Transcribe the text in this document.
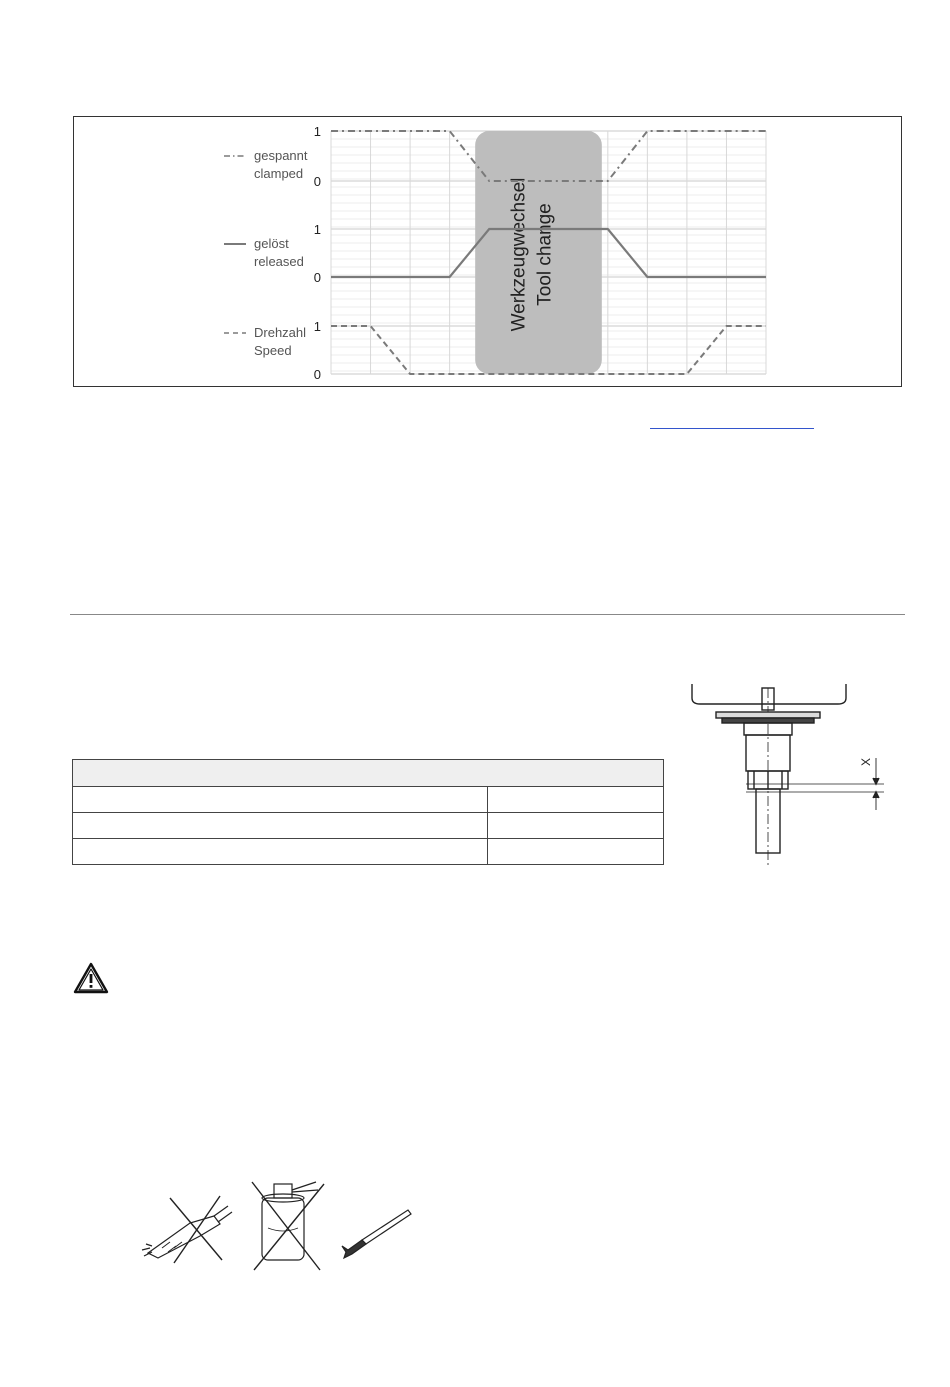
Werkzeugwechsel Tool change
1
0
1
0
1
0
gespannt
clamped
gelöst
released
Drehzahl
Speed

X
